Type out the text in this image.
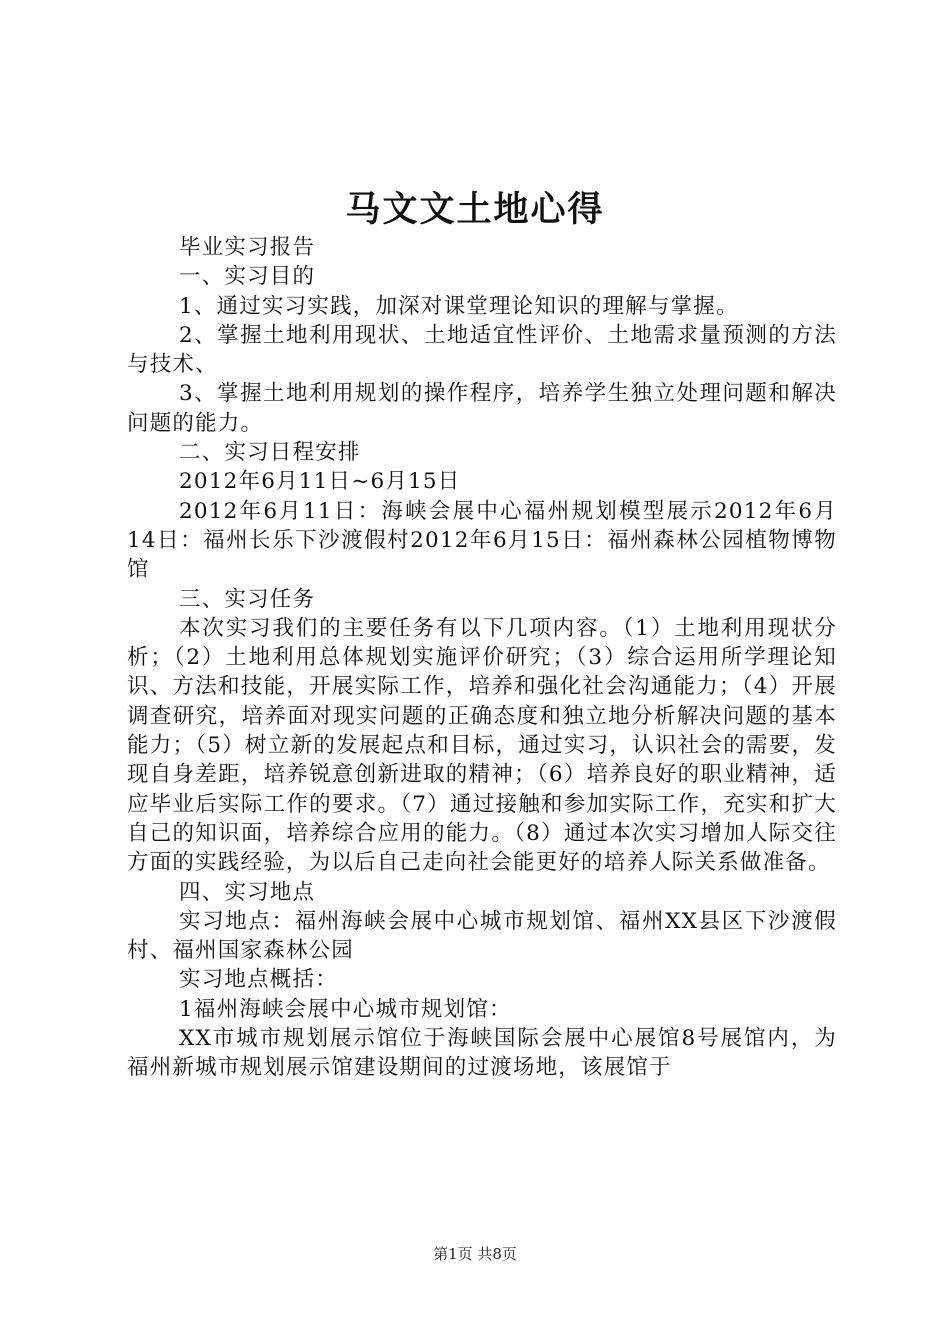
马文文土地心得

毕业实习报告

一、实习目的

1、通过实习实践，加深对课堂理论知识的理解与掌握。

2、掌握土地利用现状、土地适宜性评价、土地需求量预测的方法与技术、

3、掌握土地利用规划的操作程序，培养学生独立处理问题和解决问题的能力。

二、实习日程安排

2012年6月11日~6月15日

2012年6月11日：海峡会展中心福州规划模型展示2012年6月14日：福州长乐下沙渡假村2012年6月15日：福州森林公园植物博物馆

三、实习任务

本次实习我们的主要任务有以下几项内容。（1）土地利用现状分析；（2）土地利用总体规划实施评价研究；（3）综合运用所学理论知识、方法和技能，开展实际工作，培养和强化社会沟通能力；（4）开展调查研究，培养面对现实问题的正确态度和独立地分析解决问题的基本能力；（5）树立新的发展起点和目标，通过实习，认识社会的需要，发现自身差距，培养锐意创新进取的精神；（6）培养良好的职业精神，适应毕业后实际工作的要求。（7）通过接触和参加实际工作，充实和扩大自己的知识面，培养综合应用的能力。（8）通过本次实习增加人际交往方面的实践经验，为以后自己走向社会能更好的培养人际关系做准备。

四、实习地点

实习地点：福州海峡会展中心城市规划馆、福州XX县区下沙渡假村、福州国家森林公园

实习地点概括：

1福州海峡会展中心城市规划馆：

XX市城市规划展示馆位于海峡国际会展中心展馆8号展馆内，为福州新城市规划展示馆建设期间的过渡场地，该展馆于

第1页 共8页
